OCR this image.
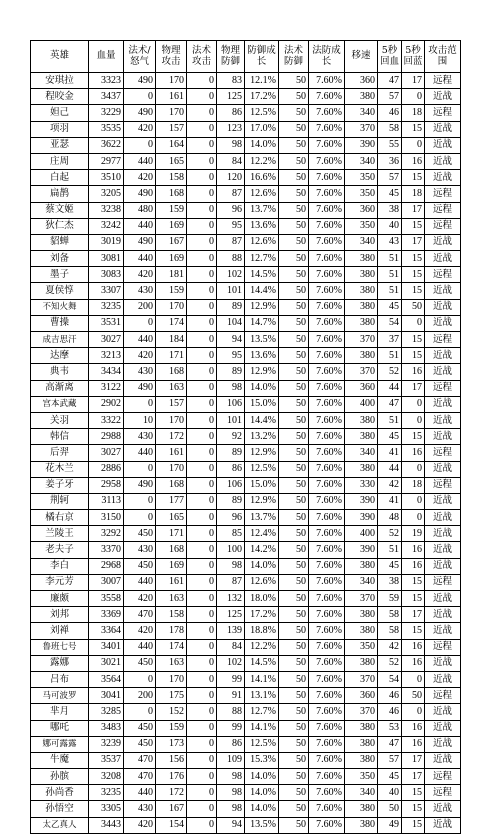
英雄	血量	法术/怒气	物理攻击	法术攻击	物理防御	防御成长	法术防御	法防成长	移速	5秒回血	5秒回蓝	攻击范围
安琪拉	3323	490	170	0	83	12.1%	50	7.60%	360	47	17	远程
程咬金	3437	0	161	0	125	17.2%	50	7.60%	380	57	0	近战
妲己	3229	490	170	0	86	12.5%	50	7.60%	340	46	18	远程
项羽	3535	420	157	0	123	17.0%	50	7.60%	370	58	15	近战
亚瑟	3622	0	164	0	98	14.0%	50	7.60%	390	55	0	近战
庄周	2977	440	165	0	84	12.2%	50	7.60%	340	36	16	近战
白起	3510	420	158	0	120	16.6%	50	7.60%	350	57	15	近战
扁鹊	3205	490	168	0	87	12.6%	50	7.60%	350	45	18	远程
蔡文姬	3238	480	159	0	96	13.7%	50	7.60%	360	38	17	远程
狄仁杰	3242	440	169	0	95	13.6%	50	7.60%	350	40	15	远程
貂蝉	3019	490	167	0	87	12.6%	50	7.60%	340	43	17	近战
刘备	3081	440	169	0	88	12.7%	50	7.60%	380	51	15	近战
墨子	3083	420	181	0	102	14.5%	50	7.60%	380	51	15	远程
夏侯惇	3307	430	159	0	101	14.4%	50	7.60%	380	51	15	近战
不知火舞	3235	200	170	0	89	12.9%	50	7.60%	380	45	50	近战
曹操	3531	0	174	0	104	14.7%	50	7.60%	380	54	0	近战
成吉思汗	3027	440	184	0	94	13.5%	50	7.60%	370	37	15	远程
达摩	3213	420	171	0	95	13.6%	50	7.60%	380	51	15	近战
典韦	3434	430	168	0	89	12.9%	50	7.60%	370	52	16	近战
高渐离	3122	490	163	0	98	14.0%	50	7.60%	360	44	17	远程
宫本武藏	2902	0	157	0	106	15.0%	50	7.60%	400	47	0	近战
关羽	3322	10	170	0	101	14.4%	50	7.60%	380	51	0	近战
韩信	2988	430	172	0	92	13.2%	50	7.60%	380	45	15	近战
后羿	3027	440	161	0	89	12.9%	50	7.60%	340	41	16	远程
花木兰	2886	0	170	0	86	12.5%	50	7.60%	380	44	0	近战
姜子牙	2958	490	168	0	106	15.0%	50	7.60%	330	42	18	远程
荆轲	3113	0	177	0	89	12.9%	50	7.60%	390	41	0	近战
橘右京	3150	0	165	0	96	13.7%	50	7.60%	390	48	0	近战
兰陵王	3292	450	171	0	85	12.4%	50	7.60%	400	52	19	近战
老夫子	3370	430	168	0	100	14.2%	50	7.60%	390	51	16	近战
李白	2968	450	169	0	98	14.0%	50	7.60%	380	45	16	近战
李元芳	3007	440	161	0	87	12.6%	50	7.60%	340	38	15	远程
廉颇	3558	420	163	0	132	18.0%	50	7.60%	370	59	15	近战
刘邦	3369	470	158	0	125	17.2%	50	7.60%	380	58	17	近战
刘禅	3364	420	178	0	139	18.8%	50	7.60%	380	58	15	近战
鲁班七号	3401	440	174	0	84	12.2%	50	7.60%	350	42	16	远程
露娜	3021	450	163	0	102	14.5%	50	7.60%	380	52	16	近战
吕布	3564	0	170	0	99	14.1%	50	7.60%	370	54	0	近战
马可波罗	3041	200	175	0	91	13.1%	50	7.60%	360	46	50	远程
芈月	3285	0	152	0	88	12.7%	50	7.60%	370	46	0	近战
哪吒	3483	450	159	0	99	14.1%	50	7.60%	380	53	16	近战
娜可露露	3239	450	173	0	86	12.5%	50	7.60%	380	47	16	近战
牛魔	3537	470	156	0	109	15.3%	50	7.60%	380	57	17	近战
孙膑	3208	470	176	0	98	14.0%	50	7.60%	350	45	17	远程
孙尚香	3235	440	172	0	98	14.0%	50	7.60%	340	40	15	远程
孙悟空	3305	430	167	0	98	14.0%	50	7.60%	380	50	15	近战
太乙真人	3443	420	154	0	94	13.5%	50	7.60%	380	49	15	近战
